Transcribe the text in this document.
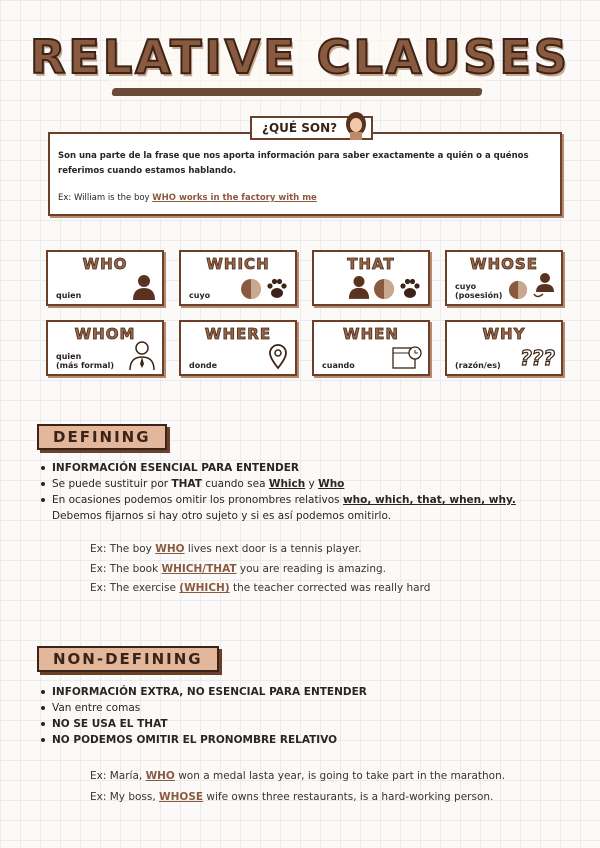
RELATIVE CLAUSES
¿QUÉ SON?
Son una parte de la frase que nos aporta información para saber exactamente a quién o a quénos referimos cuando estamos hablando.
Ex: William is the boy WHO works in the factory with me
WHO
quien
WHICH
cuyo
THAT	WHOSE
cuyo
(posesión)
WHOM
quien
(más formal)
WHERE
donde
WHEN
cuando
WHY
(razón/es) ???
DEFINING
INFORMACIÓN ESENCIAL PARA ENTENDER
Se puede sustituir por THAT cuando sea Which y Who
En ocasiones podemos omitir los pronombres relativos who, which, that, when, why. Debemos fijarnos si hay otro sujeto y si es así podemos omitirlo.
Ex: The boy WHO lives next door is a tennis player.
Ex: The book WHICH/THAT you are reading is amazing.
Ex: The exercise (WHICH) the teacher corrected was really hard
NON-DEFINING
INFORMACIÓN EXTRA, NO ESENCIAL PARA ENTENDER
Van entre comas
NO SE USA EL THAT
NO PODEMOS OMITIR EL PRONOMBRE RELATIVO
Ex: María, WHO won a medal lasta year, is going to take part in the marathon.
Ex: My boss, WHOSE wife owns three restaurants, is a hard-working person.
